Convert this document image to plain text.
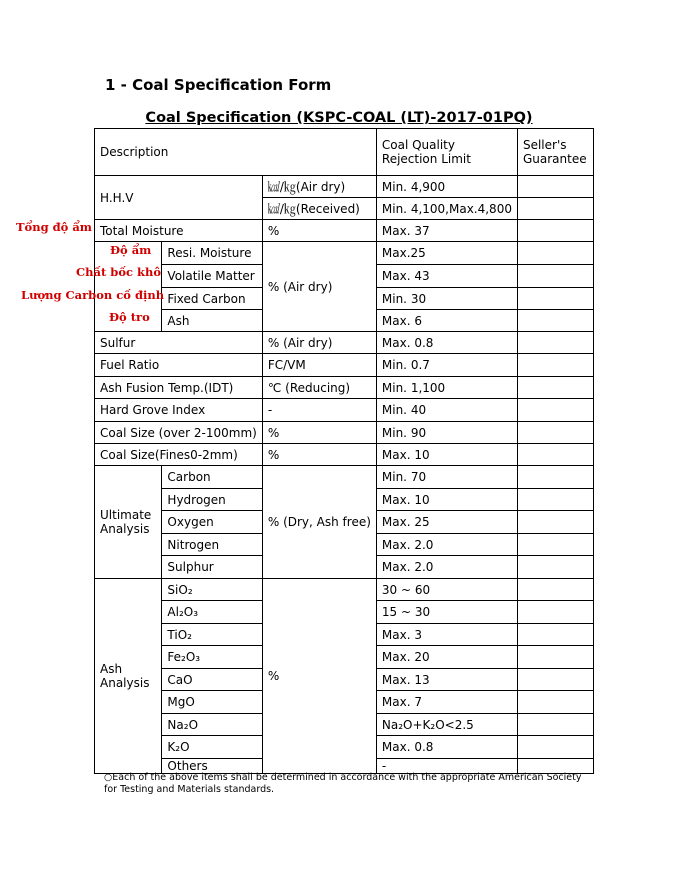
1 - Coal Specification Form
Coal Specification (KSPC-COAL (LT)-2017-01PQ)
Description			Coal Quality Rejection Limit	Seller's Guarantee
H.H.V		㎉/㎏(Air dry)	Min. 4,900	
		㎉/㎏(Received)	Min. 4,100,Max.4,800	
Total Moisture		%	Max. 37	
	Resi. Moisture	% (Air dry)	Max.25	
	Volatile Matter		Max. 43	
	Fixed Carbon		Min. 30	
	Ash		Max. 6	
Sulfur		% (Air dry)	Max. 0.8	
Fuel Ratio		FC/VM	Min. 0.7	
Ash Fusion Temp.(IDT)		℃ (Reducing)	Min. 1,100	
Hard Grove Index		-	Min. 40	
Coal Size (over 2-100mm)		%	Min. 90	
Coal Size(Fines0-2mm)		%	Max. 10	
Ultimate Analysis	Carbon	% (Dry, Ash free)	Min. 70	
	Hydrogen		Max. 10	
	Oxygen		Max. 25	
	Nitrogen		Max. 2.0	
	Sulphur		Max. 2.0	
Ash Analysis	SiO₂	%	30 ~ 60	
	Al₂O₃		15 ~ 30	
	TiO₂		Max. 3	
	Fe₂O₃		Max. 20	
	CaO		Max. 13	
	MgO		Max. 7	
	Na₂O		Na₂O+K₂O<2.5	
	K₂O		Max. 0.8	
	Others		-	
○Each of the above items shall be determined in accordance with the appropriate American Society for Testing and Materials standards.
Tổng độ ẩm
Độ ẩm
Chất bốc khô
Lượng Carbon cố định
Độ tro
